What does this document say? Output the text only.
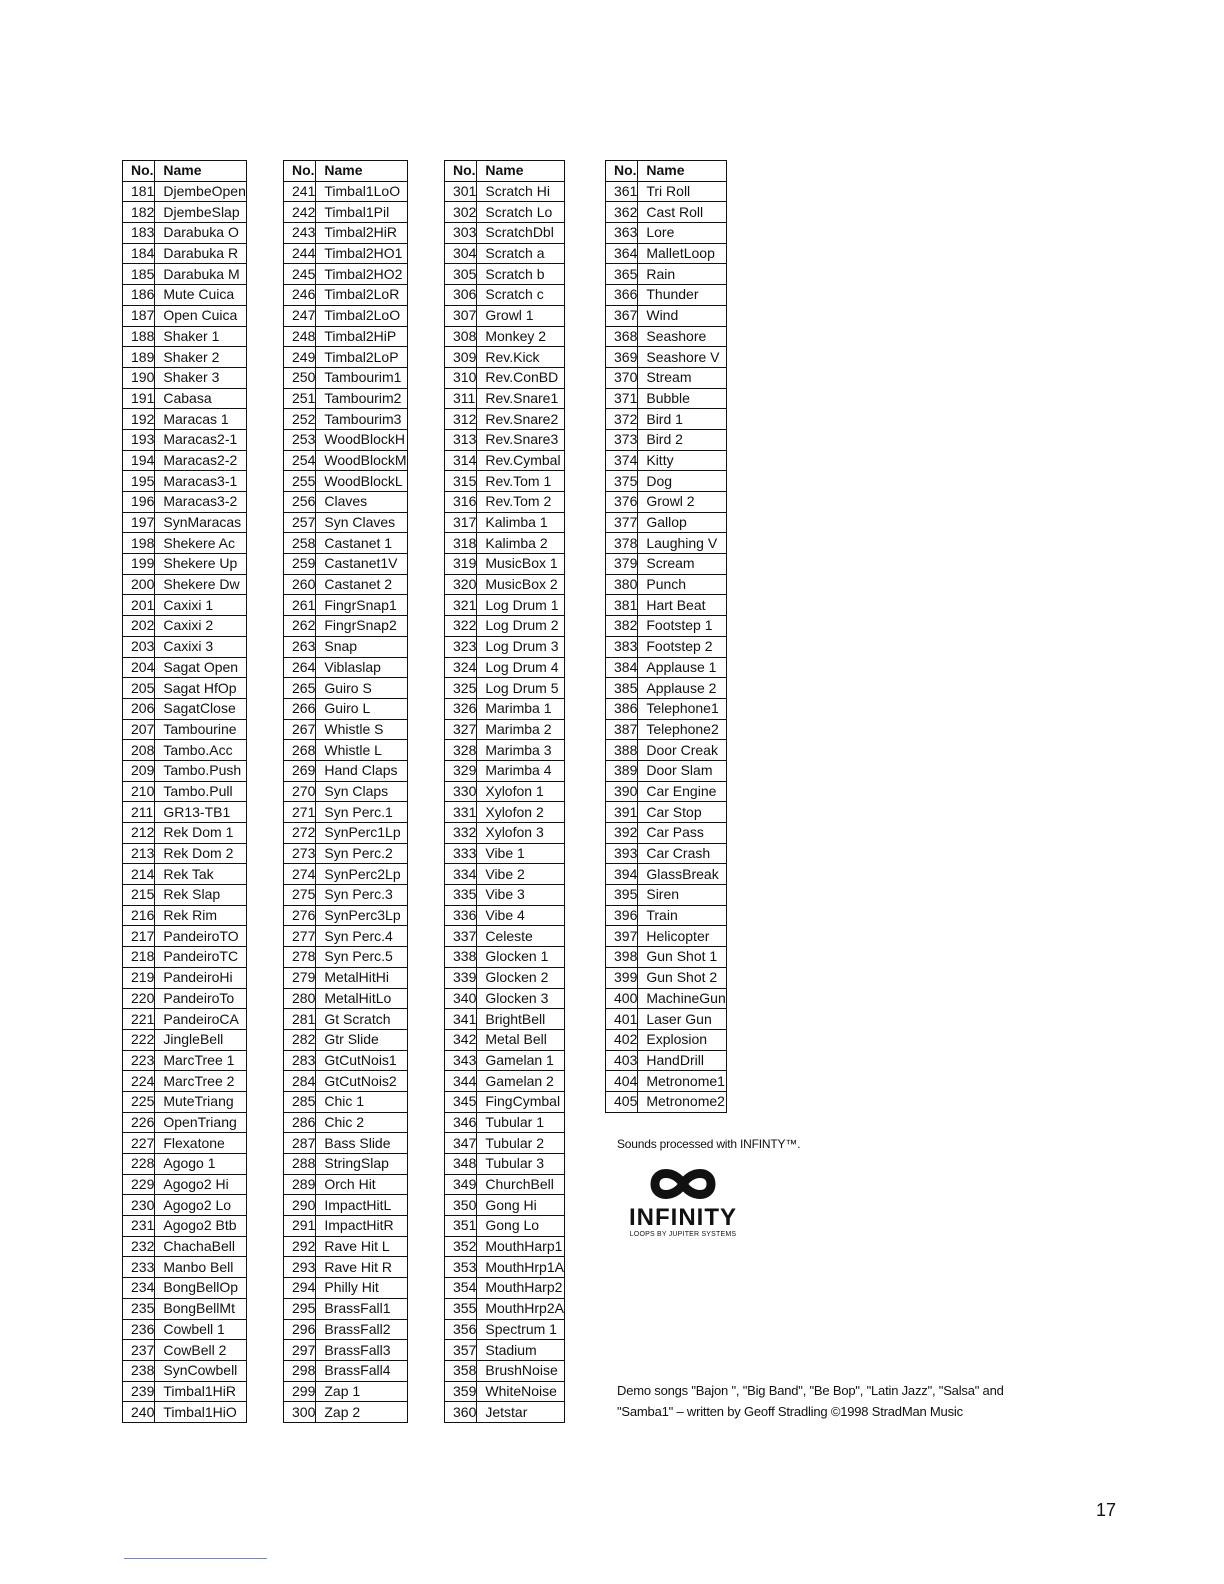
No.	Name
181	DjembeOpen
182	DjembeSlap
183	Darabuka O
184	Darabuka R
185	Darabuka M
186	Mute Cuica
187	Open Cuica
188	Shaker 1
189	Shaker 2
190	Shaker 3
191	Cabasa
192	Maracas 1
193	Maracas2-1
194	Maracas2-2
195	Maracas3-1
196	Maracas3-2
197	SynMaracas
198	Shekere Ac
199	Shekere Up
200	Shekere Dw
201	Caxixi 1
202	Caxixi 2
203	Caxixi 3
204	Sagat Open
205	Sagat HfOp
206	SagatClose
207	Tambourine
208	Tambo.Acc
209	Tambo.Push
210	Tambo.Pull
211	GR13-TB1
212	Rek Dom 1
213	Rek Dom 2
214	Rek Tak
215	Rek Slap
216	Rek Rim
217	PandeiroTO
218	PandeiroTC
219	PandeiroHi
220	PandeiroTo
221	PandeiroCA
222	JingleBell
223	MarcTree 1
224	MarcTree 2
225	MuteTriang
226	OpenTriang
227	Flexatone
228	Agogo 1
229	Agogo2 Hi
230	Agogo2 Lo
231	Agogo2 Btb
232	ChachaBell
233	Manbo Bell
234	BongBellOp
235	BongBellMt
236	Cowbell 1
237	CowBell 2
238	SynCowbell
239	Timbal1HiR
240	Timbal1HiO
No.	Name
241	Timbal1LoO
242	Timbal1Pil
243	Timbal2HiR
244	Timbal2HO1
245	Timbal2HO2
246	Timbal2LoR
247	Timbal2LoO
248	Timbal2HiP
249	Timbal2LoP
250	Tambourim1
251	Tambourim2
252	Tambourim3
253	WoodBlockH
254	WoodBlockM
255	WoodBlockL
256	Claves
257	Syn Claves
258	Castanet 1
259	Castanet1V
260	Castanet 2
261	FingrSnap1
262	FingrSnap2
263	Snap
264	Viblaslap
265	Guiro S
266	Guiro L
267	Whistle S
268	Whistle L
269	Hand Claps
270	Syn Claps
271	Syn Perc.1
272	SynPerc1Lp
273	Syn Perc.2
274	SynPerc2Lp
275	Syn Perc.3
276	SynPerc3Lp
277	Syn Perc.4
278	Syn Perc.5
279	MetalHitHi
280	MetalHitLo
281	Gt Scratch
282	Gtr Slide
283	GtCutNois1
284	GtCutNois2
285	Chic 1
286	Chic 2
287	Bass Slide
288	StringSlap
289	Orch Hit
290	ImpactHitL
291	ImpactHitR
292	Rave Hit L
293	Rave Hit R
294	Philly Hit
295	BrassFall1
296	BrassFall2
297	BrassFall3
298	BrassFall4
299	Zap 1
300	Zap 2
No.	Name
301	Scratch Hi
302	Scratch Lo
303	ScratchDbl
304	Scratch a
305	Scratch b
306	Scratch c
307	Growl 1
308	Monkey 2
309	Rev.Kick
310	Rev.ConBD
311	Rev.Snare1
312	Rev.Snare2
313	Rev.Snare3
314	Rev.Cymbal
315	Rev.Tom 1
316	Rev.Tom 2
317	Kalimba 1
318	Kalimba 2
319	MusicBox 1
320	MusicBox 2
321	Log Drum 1
322	Log Drum 2
323	Log Drum 3
324	Log Drum 4
325	Log Drum 5
326	Marimba 1
327	Marimba 2
328	Marimba 3
329	Marimba 4
330	Xylofon 1
331	Xylofon 2
332	Xylofon 3
333	Vibe 1
334	Vibe 2
335	Vibe 3
336	Vibe 4
337	Celeste
338	Glocken 1
339	Glocken 2
340	Glocken 3
341	BrightBell
342	Metal Bell
343	Gamelan 1
344	Gamelan 2
345	FingCymbal
346	Tubular 1
347	Tubular 2
348	Tubular 3
349	ChurchBell
350	Gong Hi
351	Gong Lo
352	MouthHarp1
353	MouthHrp1A
354	MouthHarp2
355	MouthHrp2A
356	Spectrum 1
357	Stadium
358	BrushNoise
359	WhiteNoise
360	Jetstar
No.	Name
361	Tri Roll
362	Cast Roll
363	Lore
364	MalletLoop
365	Rain
366	Thunder
367	Wind
368	Seashore
369	Seashore V
370	Stream
371	Bubble
372	Bird 1
373	Bird 2
374	Kitty
375	Dog
376	Growl 2
377	Gallop
378	Laughing V
379	Scream
380	Punch
381	Hart Beat
382	Footstep 1
383	Footstep 2
384	Applause 1
385	Applause 2
386	Telephone1
387	Telephone2
388	Door Creak
389	Door Slam
390	Car Engine
391	Car Stop
392	Car Pass
393	Car Crash
394	GlassBreak
395	Siren
396	Train
397	Helicopter
398	Gun Shot 1
399	Gun Shot 2
400	MachineGun
401	Laser Gun
402	Explosion
403	HandDrill
404	Metronome1
405	Metronome2
Sounds processed with INFINTY™.
INFINITY
LOOPS BY JUPITER SYSTEMS
Demo songs "Bajon ", "Big Band", "Be Bop", "Latin Jazz", "Salsa" and
"Samba1" – written by Geoff Stradling ©1998 StradMan Music
17
